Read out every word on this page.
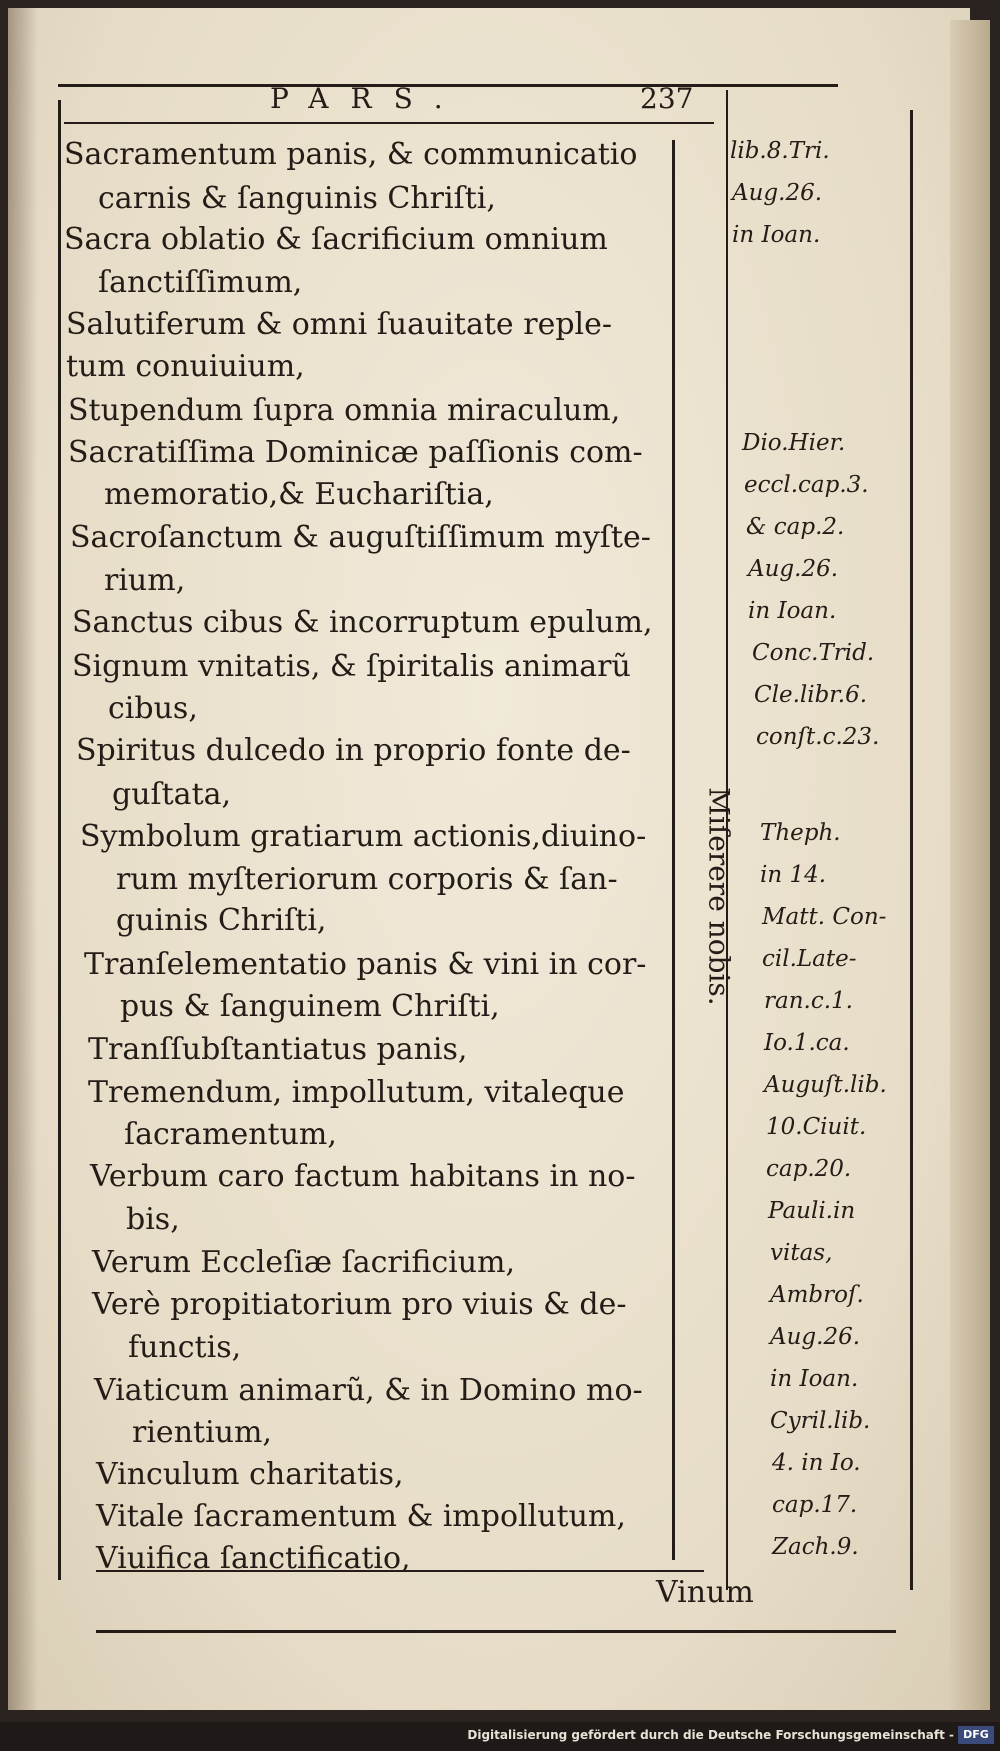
PARS.	237
Sacramentum panis, & communicatio
carnis & ſanguinis Chriſti,
Sacra oblatio & ſacrificium omnium
ſanctiſſimum,
Salutiferum & omni ſuauitate reple-
tum conuiuium,
Stupendum ſupra omnia miraculum,
Sacratiſſima Dominicæ paſſionis com-
memoratio,& Euchariſtia,
Sacroſanctum & auguſtiſſimum myſte-
rium,
Sanctus cibus & incorruptum epulum,
Signum vnitatis, & ſpiritalis animarũ
cibus,
Spiritus dulcedo in proprio fonte de-
guſtata,
Symbolum gratiarum actionis,diuino-
rum myſteriorum corporis & ſan-
guinis Chriſti,
Tranſelementatio panis & vini in cor-
pus & ſanguinem Chriſti,
Tranſſubſtantiatus panis,
Tremendum, impollutum, vitaleque
ſacramentum,
Verbum caro factum habitans in no-
bis,
Verum Eccleſiæ ſacrificium,
Verè propitiatorium pro viuis & de-
functis,
Viaticum animarũ, & in Domino mo-
rientium,
Vinculum charitatis,
Vitale ſacramentum & impollutum,
Viuifica ſanctificatio,
Miſerere nobis.
lib.8.Tri.
Aug.26.
in Ioan.
Dio.Hier.
eccl.cap.3.
& cap.2.
Aug.26.
in Ioan.
Conc.Trid.
Cle.libr.6.
conſt.c.23.
Theph.
in 14.
Matt. Con-
cil.Late-
ran.c.1.
Io.1.ca.
Auguſt.lib.
10.Ciuit.
cap.20.
Pauli.in
vitas,
Ambroſ.
Aug.26.
in Ioan.
Cyril.lib.
4. in Io.
cap.17.
Zach.9.
Vinum
Digitalisierung gefördert durch die Deutsche Forschungsgemeinschaft - DFG
